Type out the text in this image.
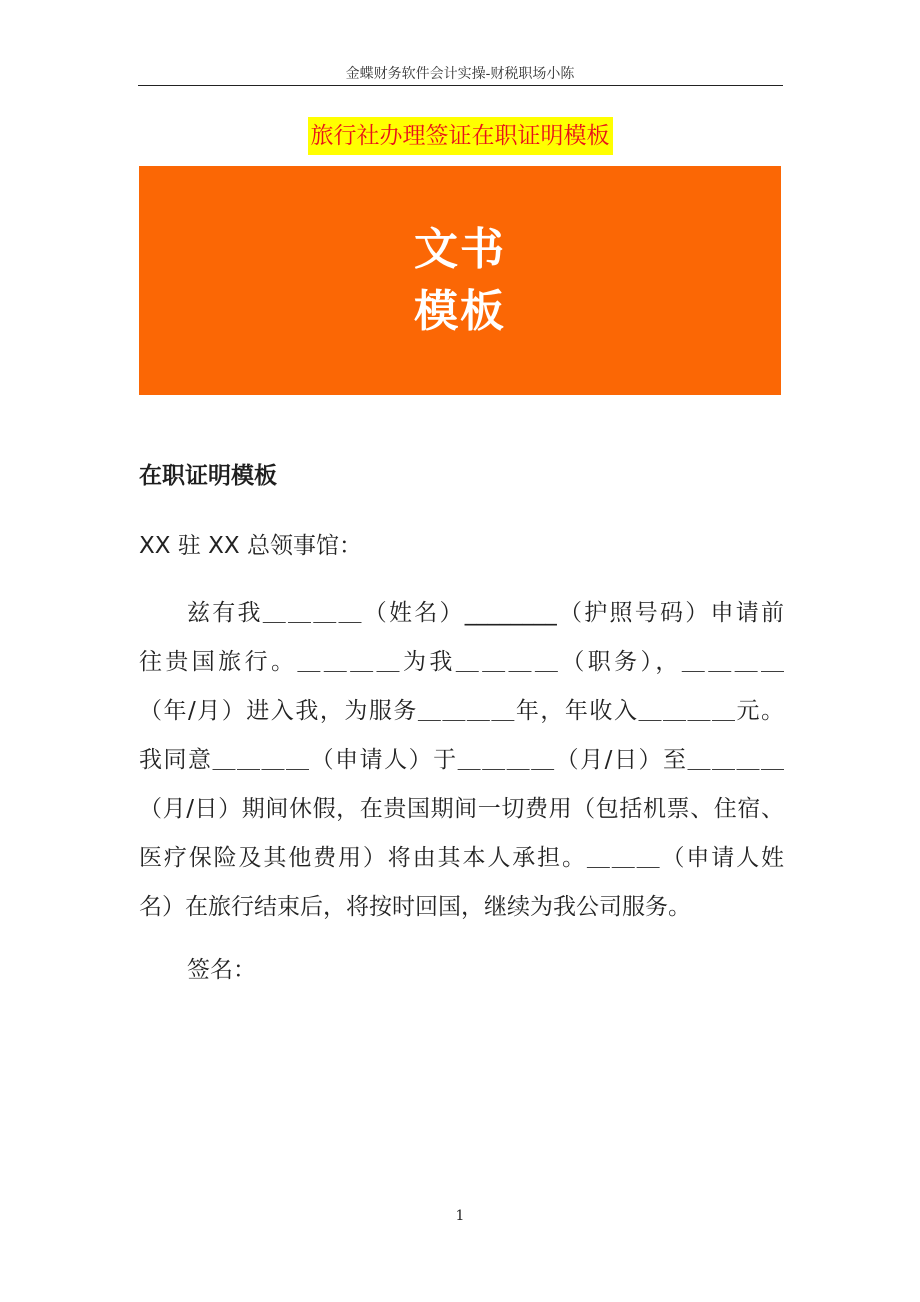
金蝶财务软件会计实操-财税职场小陈
旅行社办理签证在职证明模板
文书
模板
在职证明模板
XX 驻 XX 总领事馆：
兹有我＿＿＿＿（姓名）________（护照号码）申请前
往贵国旅行。＿＿＿＿为我＿＿＿＿（职务），＿＿＿＿
（年/月）进入我，为服务＿＿＿＿年，年收入＿＿＿＿元。
我同意＿＿＿＿（申请人）于＿＿＿＿（月/日）至＿＿＿＿
（月/日）期间休假，在贵国期间一切费用（包括机票、住宿、
医疗保险及其他费用）将由其本人承担。＿＿＿（申请人姓
名）在旅行结束后，将按时回国，继续为我公司服务。
签名：
1
